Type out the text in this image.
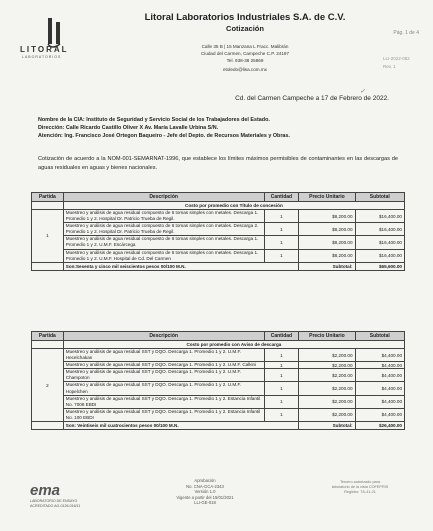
LITORAL
LABORATORIOS
Litoral Laboratorios Industriales S.A. de C.V.
Cotización
Calle 35 B | 15 Manzana L Fracc. Malibrán
Ciudad del Carmen, Campeche C.P. 24197
Tel. 938-38 25869
etoledo@lisa.com.mx
Pág. 1 de 4
LLI-2022-052
Rev. 1
Cd. del Carmen Campeche a 17 de Febrero de 2022.
✓
Nombre de la CIA: Instituto de Seguridad y Servicio Social de los Trabajadores del Estado.
Dirección: Calle Ricardo Castillo Oliver X Av. María Lavalle Urbina S/N.
Atención: Ing. Francisco José Ortegon Baqueiro - Jefe del Depto. de Recursos Materiales y Obras.
Cotización de acuerdo a la NOM-001-SEMARNAT-1996, que establece los límites máximos permisibles de contaminantes en las descargas de aguas residuales en aguas y bienes nacionales.
Partida	Descripción	Cantidad	Precio Unitario	Subtotal
	Costo por promedio con Título de concesión			
1	Muestreo y análisis de agua residual compuesto de 6 tomas simples con metales. Descarga 1. Promedio 1 y 2. Hospital Dr. Patricio Trueba de Regil.	1	$8,200.00	$16,400.00
	Muestreo y análisis de agua residual compuesto de 6 tomas simples con metales. Descarga 2. Promedio 1 y 2. Hospital Dr. Patricio Trueba de Regil.	1	$8,200.00	$16,400.00
	Muestreo y análisis de agua residual compuesto de 6 tomas simples con metales. Descarga 1. Promedio 1 y 2. U.M.F. Escárcega	1	$8,200.00	$16,400.00
	Muestreo y análisis de agua residual compuesto de 6 tomas simples con metales. Descarga 1. Promedio 1 y 2. U.M.F. Hospital de Cd. Del Carmen	1	$8,200.00	$16,400.00
	Son:Sesenta y cinco mil seiscientos pesos 00/100 M.N.		Subtotal:	$65,600.00
Partida	Descripción	Cantidad	Precio Unitario	Subtotal
	Costo por promedio con Aviso de descarga			
2	Muestreo y análisis de agua residual SST y DQO. Descarga 1. Promedio 1 y 2. U.M.F. Hecelchakan	1	$2,200.00	$4,400.00
	Muestreo y análisis de agua residual SST y DQO. Descarga 1. Promedio 1 y 2. U.M.F. Calkini	1	$2,200.00	$4,400.00
	Muestreo y análisis de agua residual SST y DQO. Descarga 1. Promedio 1 y 2. U.M.F. Champoton	1	$2,200.00	$4,400.00
	Muestreo y análisis de agua residual SST y DQO. Descarga 1. Promedio 1 y 2. U.M.F. Hopelchen	1	$2,200.00	$4,400.00
	Muestreo y análisis de agua residual SST y DQO. Descarga 1. Promedio 1 y 2. Estancia Infantil No. 7008 EBDI	1	$2,200.00	$4,400.00
	Muestreo y análisis de agua residual SST y DQO. Descarga 1. Promedio 1 y 2. Estancia Infantil No. 100 EBDI	1	$2,200.00	$4,400.00
	Son: Veintiseis mil cuatrocientos pesos 00/100 M.N.		Subtotal:	$26,400.00
ema
LABORATORIO DE ENSAYO
ACREDITADO AG-0126-016/11
Aprobación
No. CNA-GCA-2343
Versión 1.0
Vigente a partir del 15/01/2021
LLI-GE-018
Tercero autorizado para
laboratorio de la vista COFEPRIS
Registro: TA-41-21
